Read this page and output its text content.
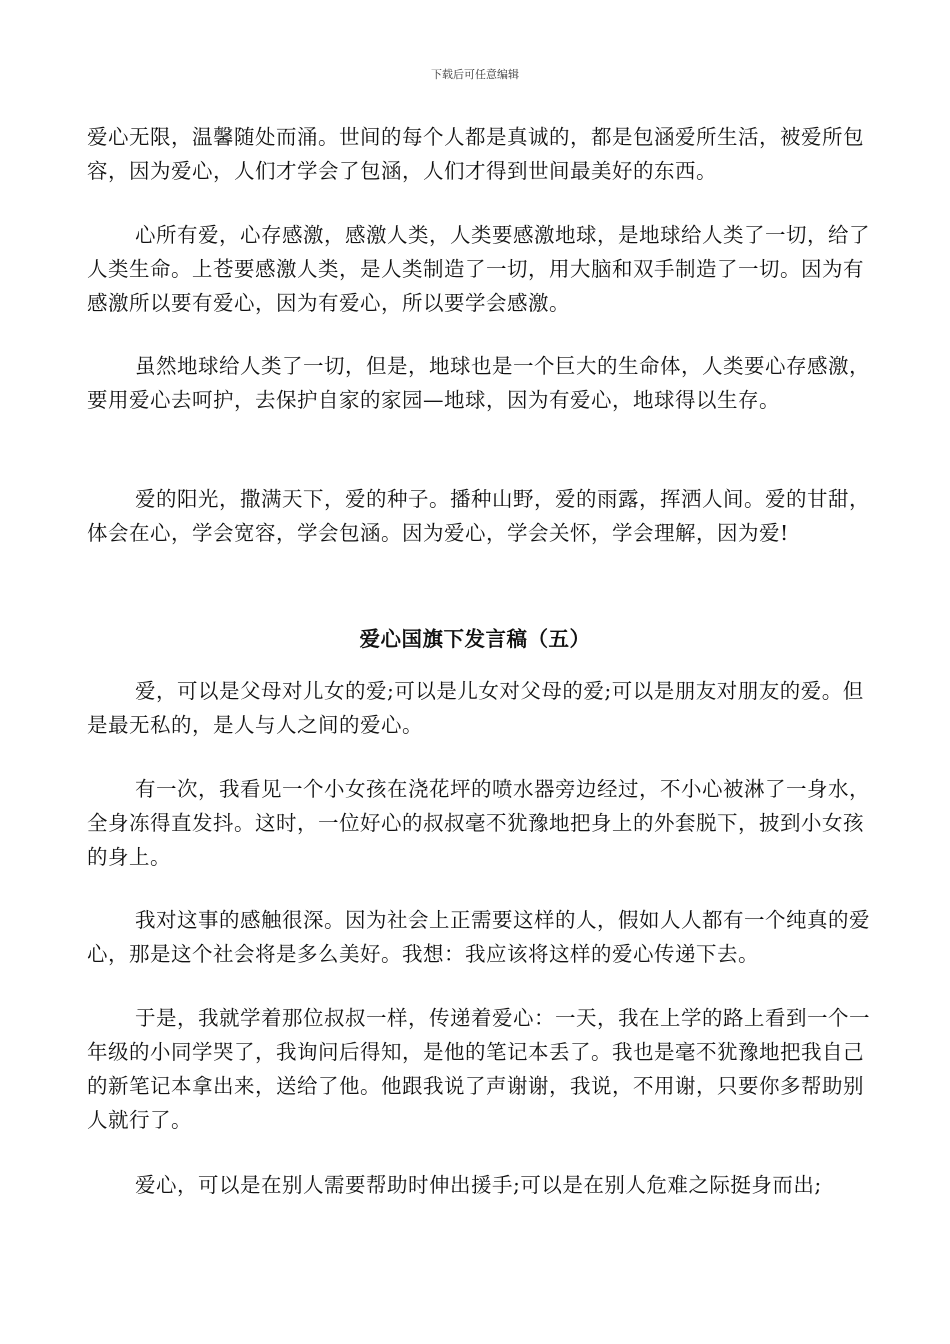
下载后可任意编辑

爱心无限，温馨随处而涌。世间的每个人都是真诚的，都是包涵爱所生活，被爱所包容，因为爱心，人们才学会了包涵，人们才得到世间最美好的东西。

心所有爱，心存感激，感激人类，人类要感激地球，是地球给人类了一切，给了人类生命。上苍要感激人类，是人类制造了一切，用大脑和双手制造了一切。因为有感激所以要有爱心，因为有爱心，所以要学会感激。

虽然地球给人类了一切，但是，地球也是一个巨大的生命体，人类要心存感激，要用爱心去呵护，去保护自家的家园—地球，因为有爱心，地球得以生存。

爱的阳光，撒满天下，爱的种子。播种山野，爱的雨露，挥洒人间。爱的甘甜，体会在心，学会宽容，学会包涵。因为爱心，学会关怀，学会理解，因为爱!

爱心国旗下发言稿（五）

爱，可以是父母对儿女的爱;可以是儿女对父母的爱;可以是朋友对朋友的爱。但是最无私的，是人与人之间的爱心。

有一次，我看见一个小女孩在浇花坪的喷水器旁边经过，不小心被淋了一身水，全身冻得直发抖。这时，一位好心的叔叔毫不犹豫地把身上的外套脱下，披到小女孩的身上。

我对这事的感触很深。因为社会上正需要这样的人，假如人人都有一个纯真的爱心，那是这个社会将是多么美好。我想：我应该将这样的爱心传递下去。

于是，我就学着那位叔叔一样，传递着爱心：一天，我在上学的路上看到一个一年级的小同学哭了，我询问后得知，是他的笔记本丢了。我也是毫不犹豫地把我自己的新笔记本拿出来，送给了他。他跟我说了声谢谢，我说，不用谢，只要你多帮助别人就行了。

爱心，可以是在别人需要帮助时伸出援手;可以是在别人危难之际挺身而出;
